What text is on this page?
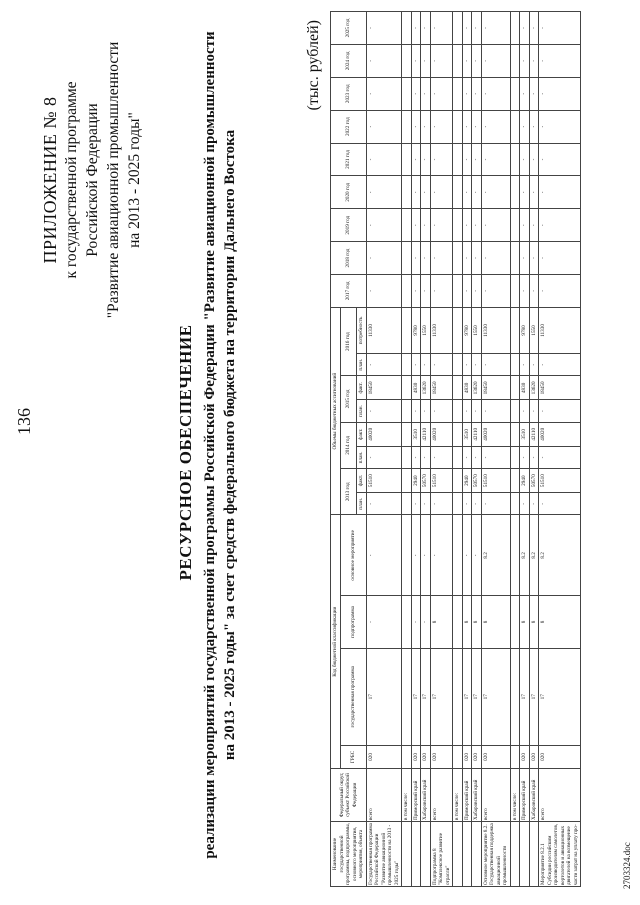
136
ПРИЛОЖЕНИЕ № 8 к государственной программе Российской Федерации "Развитие авиационной промышленности на 2013 - 2025 годы"
РЕСУРСНОЕ ОБЕСПЕЧЕНИЕ реализации мероприятий государственной программы Российской Федерации "Развитие авиационной промышленности на 2013 - 2025 годы" за счет средств федерального бюджета на территории Дальнего Востока
(тыс. рублей)
Наименование государственной программы, подпрограммы, основного мероприятия, мероприятия, объекта	Федеральный округ, субъект Российской Федерации	Код бюджетной классификации				Объемы бюджетных ассигнований								2017 год	2018 год	2019 год	2020 год	2021 год	2022 год	2023 год	2024 год	2025 год
		ГРБС	государственная программа	подпрограмма	основное мероприятие	2013 год		2014 год		2015 год		2016 год										
						план.	факт.	план.	факт.	план.	факт.	план.	потребность									
Государственная программа Российской Федерации "Развитие авиационной промышленности на 2013 - 2025 годы"	всего	020	17	-	-	-	51510	-	40020	-	18450	-	11330	-	-	-	-	-	-	-	-	-
	в том числе:																					
	Приморский край	020	17	-	-	-	2940	-	3510	-	4830	-	9780	-	-	-	-	-	-	-	-	-
	Хабаровский край	020	17	-	-	-	50570	-	42110	-	13620	-	1550	-	-	-	-	-	-	-	-	-
Подпрограмма 8 "Комплексное развитие отрасли"	всего	020	17	8	-	-	51510	-	40020	-	18450	-	11330	-	-	-	-	-	-	-	-	-
	в том числе:																					
	Приморский край	020	17	8	-	-	2940	-	3510	-	4830	-	9780	-	-	-	-	-	-	-	-	-
	Хабаровский край	020	17	8	-	-	50570	-	42110	-	13620	-	1550	-	-	-	-	-	-	-	-	-
Основное мероприятие 8.2. Государственная поддержка авиационной промышленности	всего	020	17	8	8.2	-	51510	-	40020	-	18450	-	11330	-	-	-	-	-	-	-	-	-
	в том числе:																					
	Приморский край	020	17	8	8.2	-	2940	-	3510	-	4830	-	9780	-	-	-	-	-	-	-	-	-
	Хабаровский край	020	17	8	8.2	-	50570	-	42110	-	13620	-	1550	-	-	-	-	-	-	-	-	-
Мероприятие 8.2.1 Субсидии российским производителям самолетов, вертолетов и авиационных двигателей на возмещение части затрат на уплату про-	всего	020	17	8	8.2	-	51510	-	40020	-	18450	-	11330	-	-	-	-	-	-	-	-	-
2703324.doc
